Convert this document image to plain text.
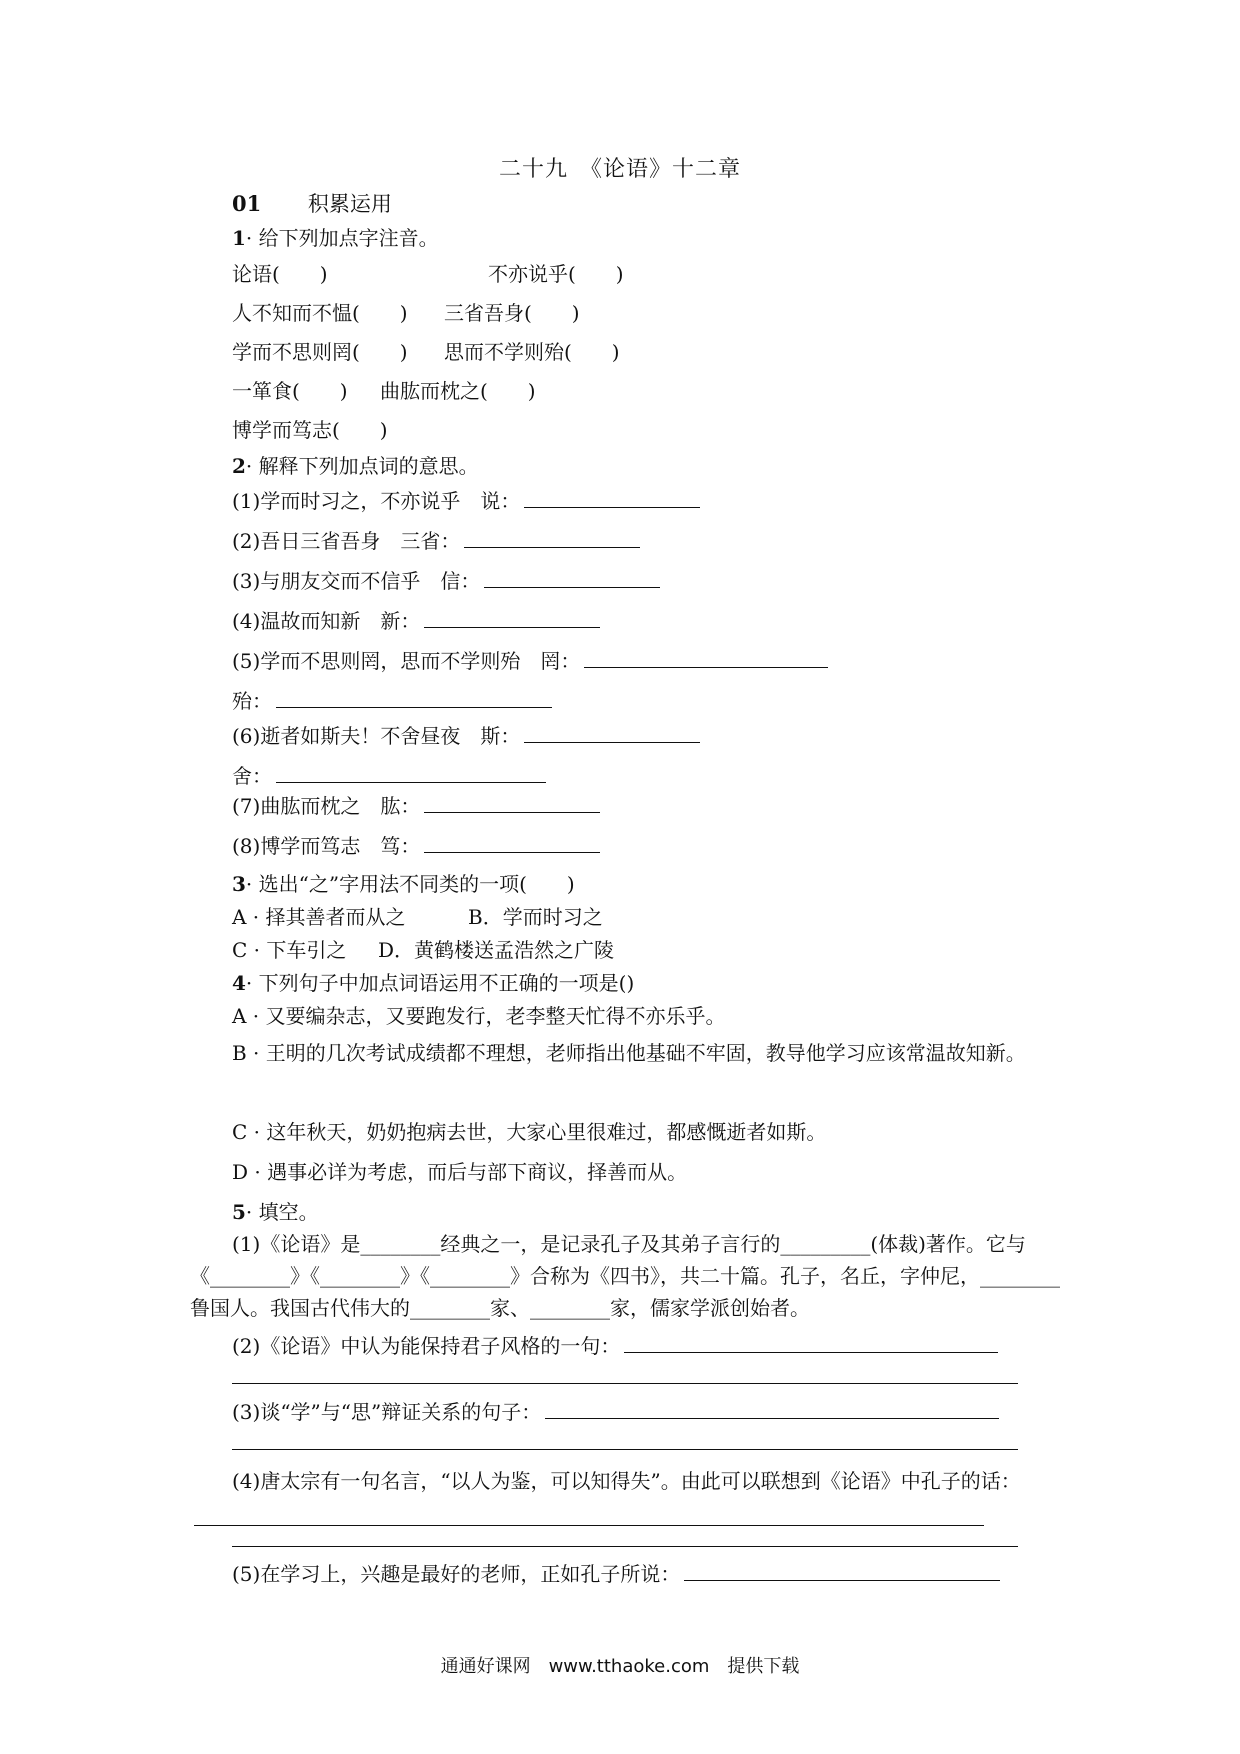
二十九　《论语》十二章
01 积累运用
1· 给下列加点字注音。
论语(　　)	不亦说乎(　　)
人不知而不愠(　　) 三省吾身(　　)
学而不思则罔(　　) 思而不学则殆(　　)
一箪食(　　) 曲肱而枕之(　　)
博学而笃志(　　)
2· 解释下列加点词的意思。
(1)学而时习之，不亦说乎　说：
(2)吾日三省吾身　三省：
(3)与朋友交而不信乎　信：
(4)温故而知新　新：
(5)学而不思则罔，思而不学则殆　罔：
殆：
(6)逝者如斯夫！不舍昼夜　斯：
舍：
(7)曲肱而枕之　肱：
(8)博学而笃志　笃：
3· 选出“之”字用法不同类的一项(　　)
A · 择其善者而从之	B．学而时习之
C · 下车引之 D．黄鹤楼送孟浩然之广陵
4· 下列句子中加点词语运用不正确的一项是()
A · 又要编杂志，又要跑发行，老李整天忙得不亦乐乎。
B · 王明的几次考试成绩都不理想，老师指出他基础不牢固，教导他学习应该常温故知新。
C · 这年秋天，奶奶抱病去世，大家心里很难过，都感慨逝者如斯。
D · 遇事必详为考虑，而后与部下商议，择善而从。
5· 填空。
(1)《论语》是________经典之一，是记录孔子及其弟子言行的_________(体裁)著作。它与《________》《________》《________》合称为《四书》，共二十篇。孔子，名丘，字仲尼，________鲁国人。我国古代伟大的________家、________家，儒家学派创始者。
(2)《论语》中认为能保持君子风格的一句：
(3)谈“学”与“思”辩证关系的句子：
(4)唐太宗有一句名言，“以人为鉴，可以知得失”。由此可以联想到《论语》中孔子的话：
(5)在学习上，兴趣是最好的老师，正如孔子所说：
通通好课网　www.tthaoke.com　提供下载
